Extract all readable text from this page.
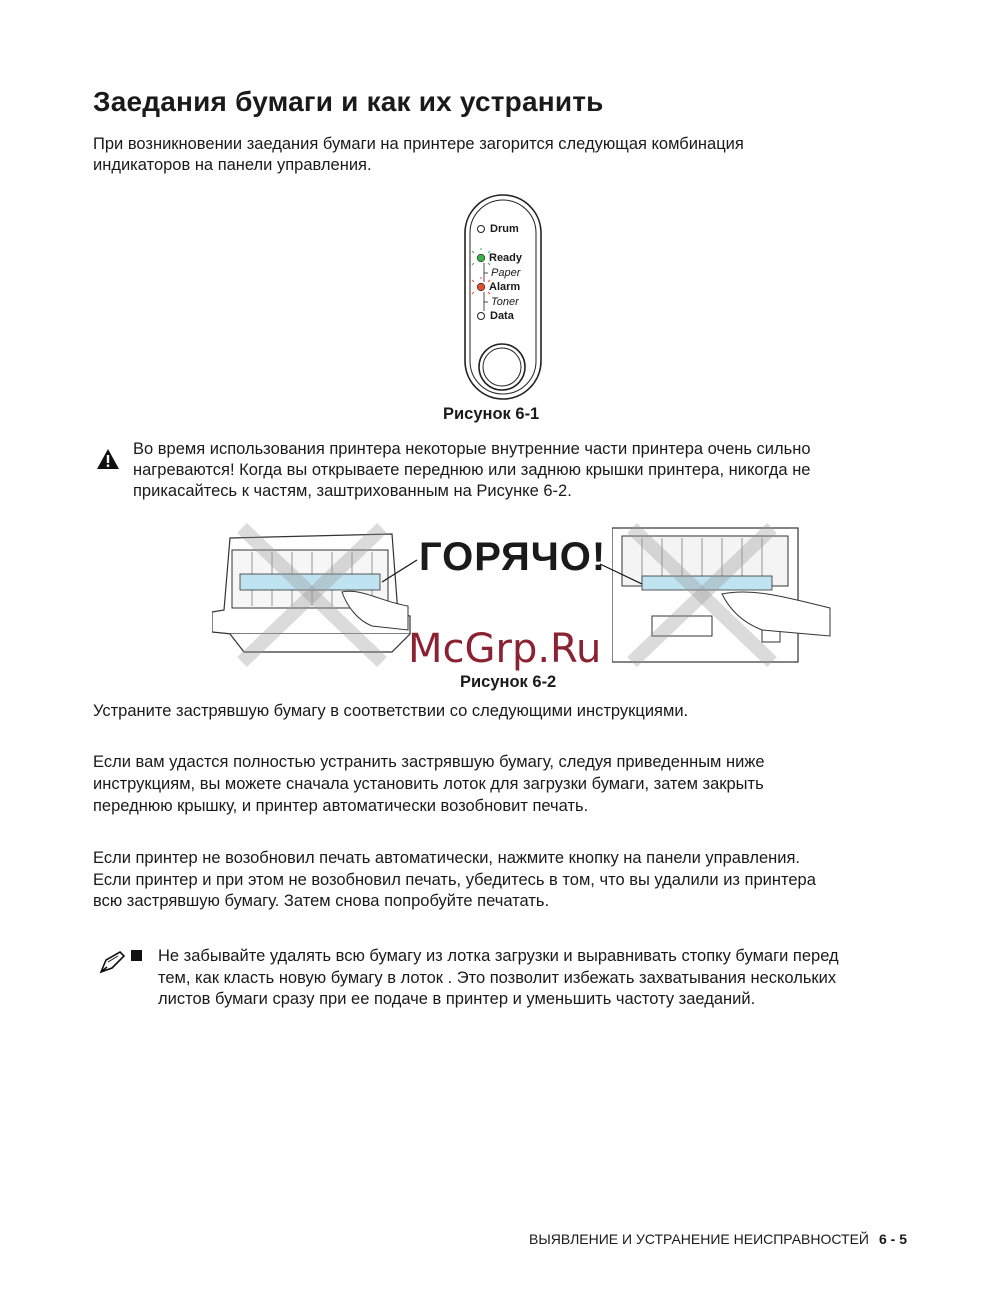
Заедания бумаги и как их устранить

При возникновении заедания бумаги на принтере загорится следующая комбинация

индикаторов на панели управления.

Drum
Ready
Paper
Alarm
Toner
Data
Рисунок 6-1

Во время использования принтера некоторые внутренние части принтера очень сильно

нагреваются! Когда вы открываете переднюю или заднюю крышки принтера, никогда не

прикасайтесь к частям, заштрихованным на Рисунке 6-2.

ГОРЯЧО!
McGrp.Ru
Рисунок 6-2

Устраните застрявшую бумагу в соответствии со следующими инструкциями.

Если вам удастся полностью устранить застрявшую бумагу, следуя приведенным ниже

инструкциям, вы можете сначала установить лоток для загрузки бумаги, затем закрыть

переднюю крышку, и принтер автоматически возобновит печать.

Если принтер не возобновил печать автоматически, нажмите кнопку на панели управления.

Если принтер и при этом не возобновил печать, убедитесь в том, что вы удалили из принтера

всю застрявшую бумагу. Затем снова попробуйте печатать.

Не забывайте удалять всю бумагу из лотка загрузки и выравнивать стопку бумаги перед

тем, как класть новую бумагу в лоток . Это позволит избежать захватывания нескольких

листов бумаги сразу при ее подаче в принтер и уменьшить частоту заеданий.

ВЫЯВЛЕНИЕ И УСТРАНЕНИЕ НЕИСПРАВНОСТЕЙ 6 - 5
